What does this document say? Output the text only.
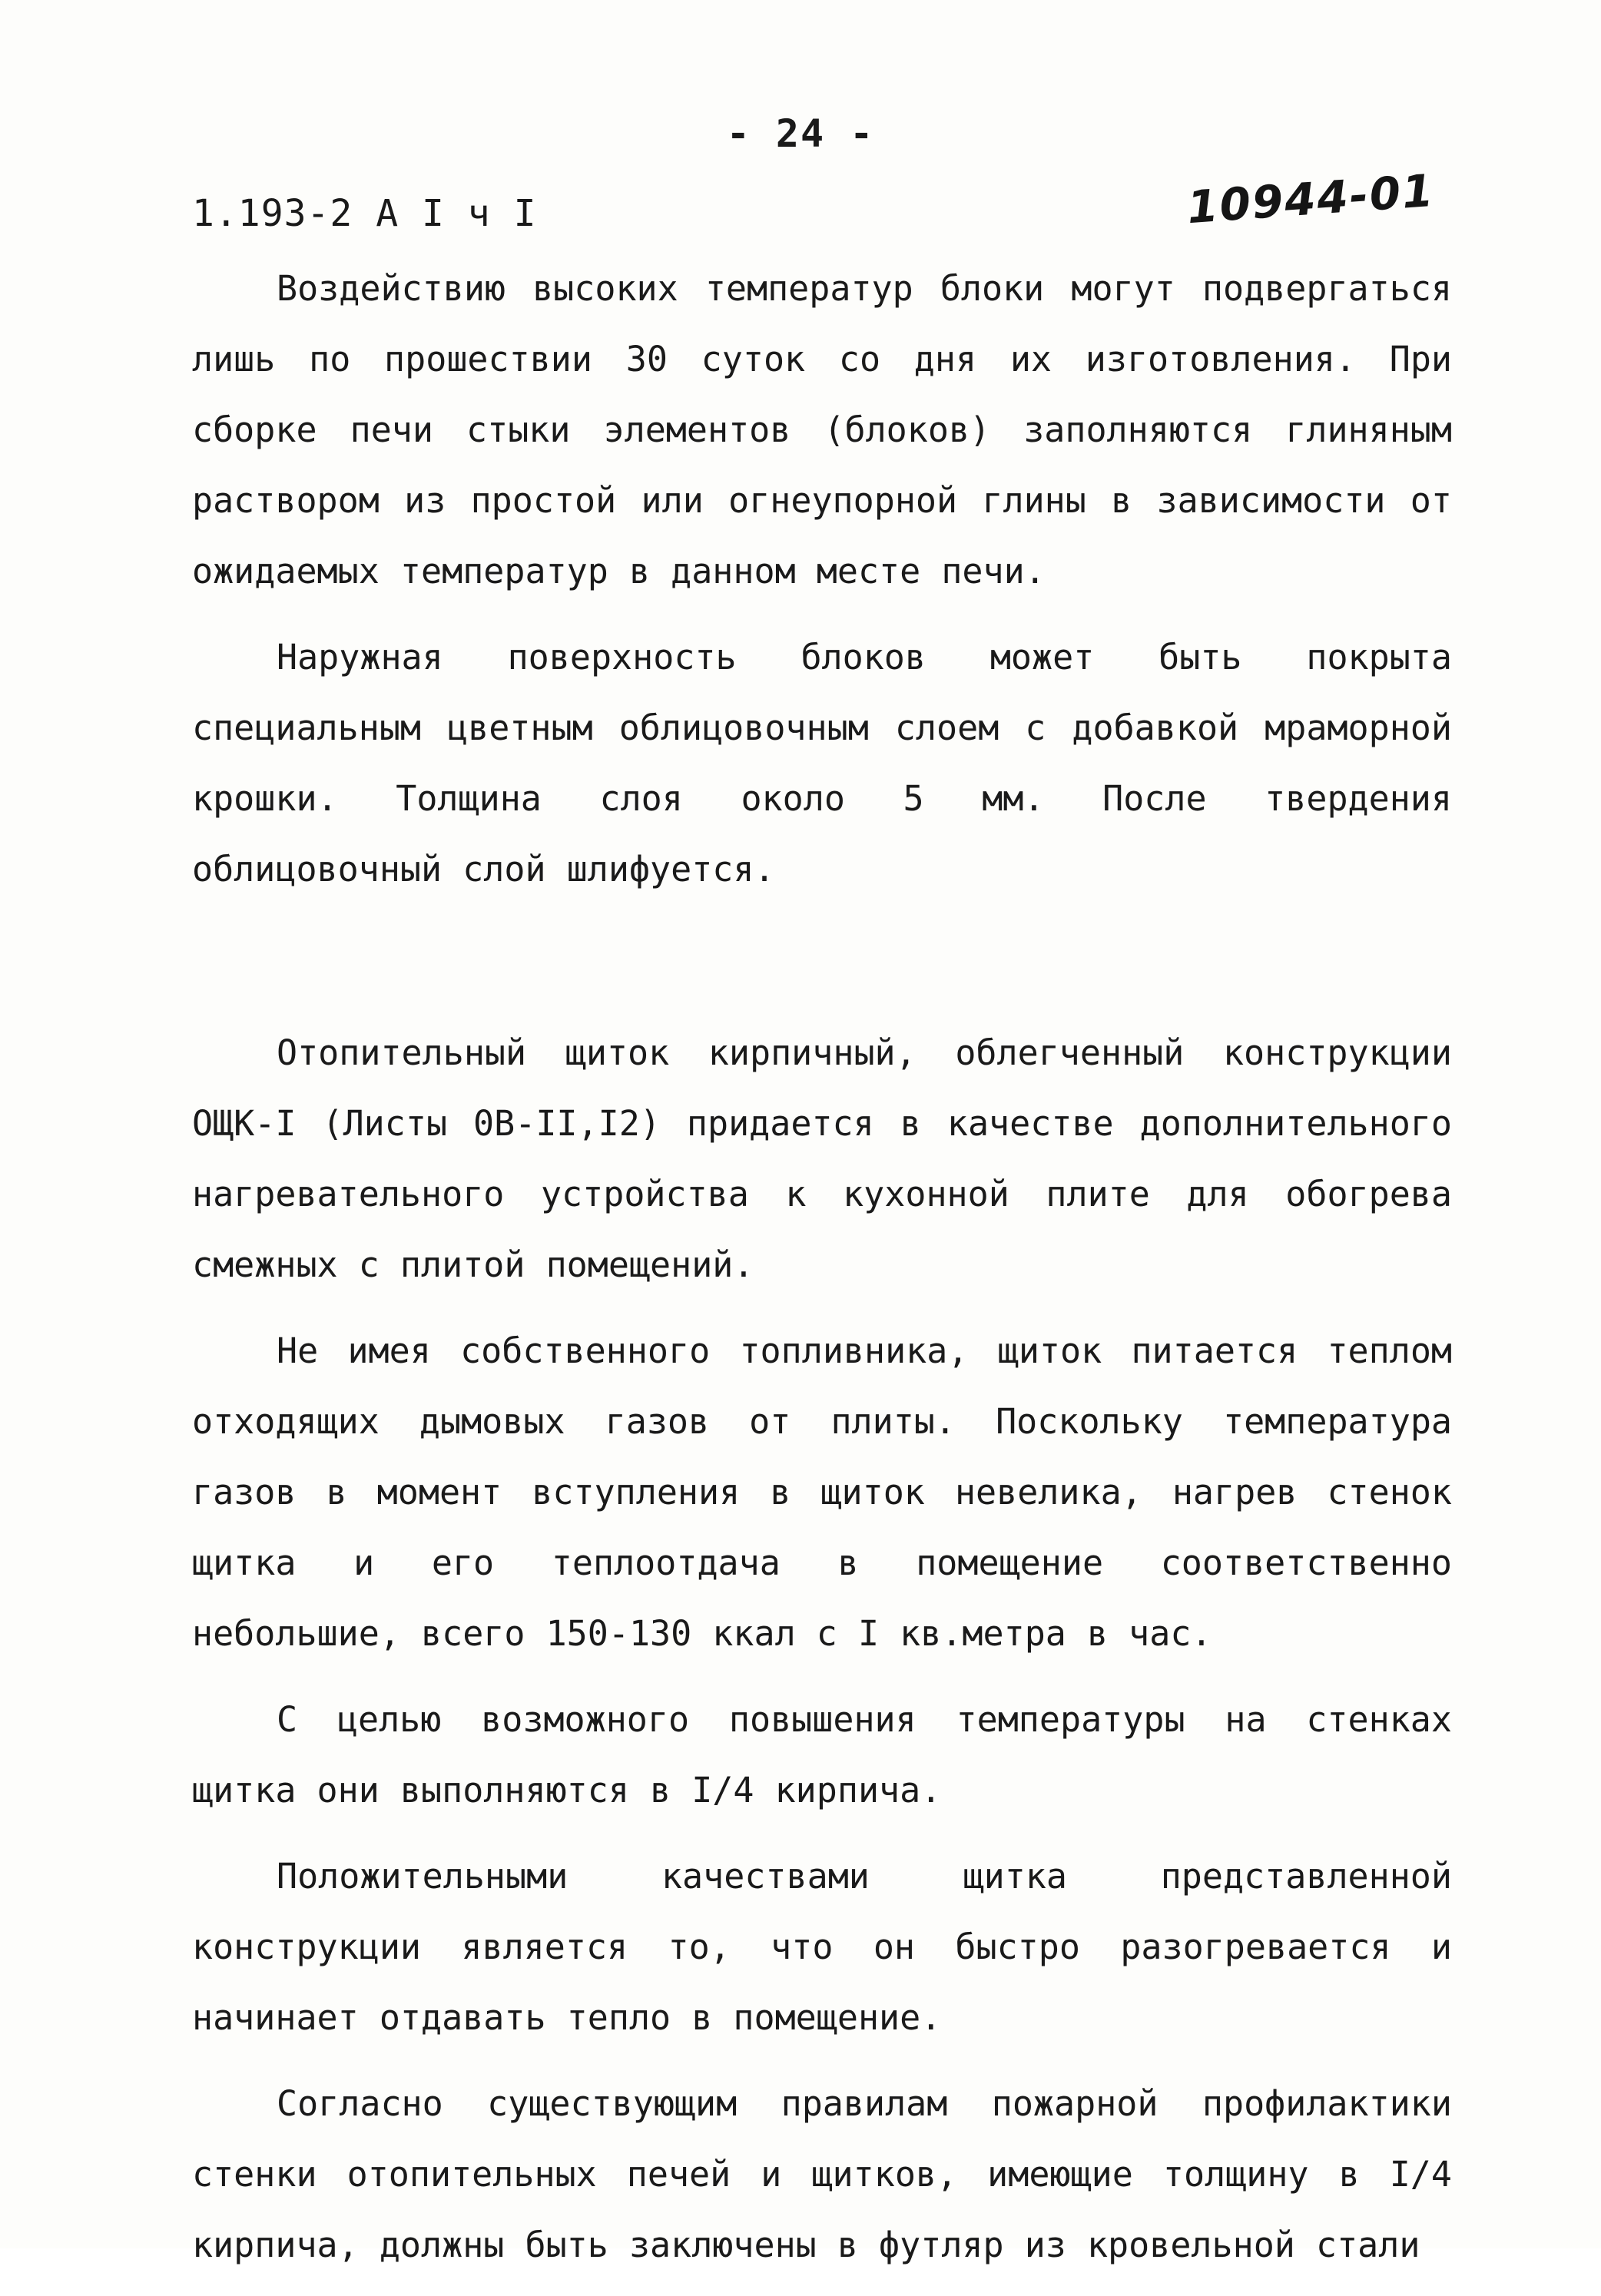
- 24 -
1.193-2 А I ч I	10944-01

Воздействию высоких температур блоки могут подвергаться лишь по прошествии 30 суток со дня их изготовления. При сборке печи стыки элементов (блоков) заполняются глиняным раствором из простой или огнеупорной глины в зависимости от ожидаемых температур в данном месте печи.

Наружная поверхность блоков может быть покрыта специальным цветным облицовочным слоем с добавкой мраморной крошки. Толщина слоя около 5 мм. После твердения облицовочный слой шлифуется.

Отопительный щиток кирпичный, облегченный конструкции ОЩК-I (Листы 0В-II,I2) придается в качестве дополнительного нагревательного устройства к кухонной плите для обогрева смежных с плитой помещений.

Не имея собственного топливника, щиток питается теплом отходящих дымовых газов от плиты. Поскольку температура газов в момент вступления в щиток невелика, нагрев стенок щитка и его теплоотдача в помещение соответственно небольшие, всего 150-130 ккал с I кв.метра в час.

С целью возможного повышения температуры на стенках щитка они выполняются в I/4 кирпича.

Положительными качествами щитка представленной конструкции является то, что он быстро разогревается и начинает отдавать тепло в помещение.

Согласно существующим правилам пожарной профилактики стенки отопительных печей и щитков, имеющие толщину в I/4 кирпича, должны быть заключены в футляр из кровельной стали
